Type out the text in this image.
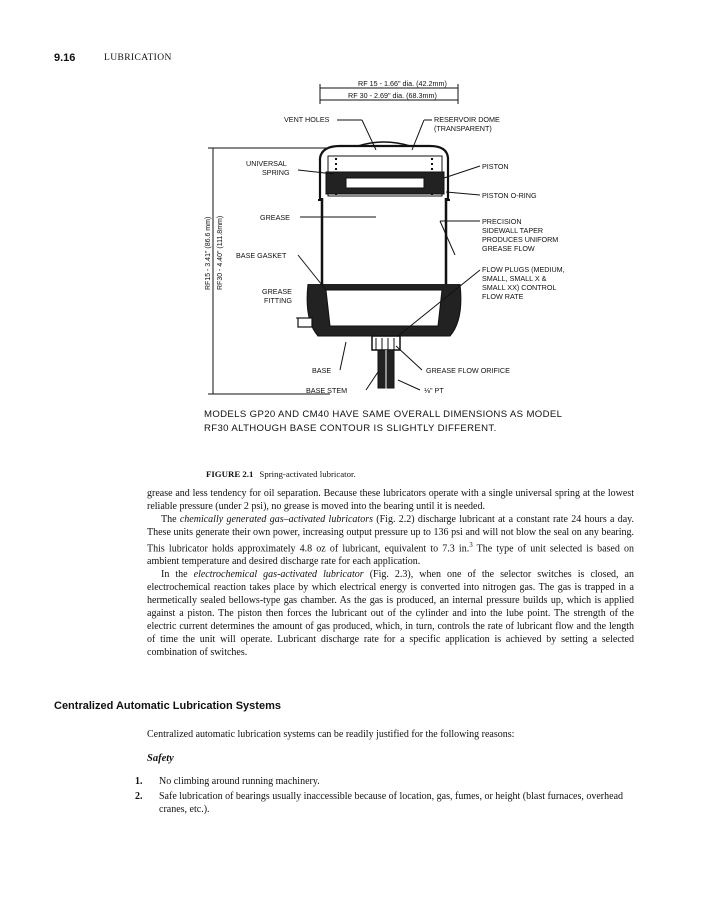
9.16	LUBRICATION
RF 15 - 1.66" dia. (42.2mm)
RF 30 - 2.69" dia. (68.3mm)
RF15 - 3.41" (86.6 mm) RF30 - 4.40" (111.8mm)
VENT HOLES	RESERVOIR DOME
(TRANSPARENT)
UNIVERSAL
SPRING
PISTON
PISTON O-RING
GREASE	PRECISION
SIDEWALL TAPER
PRODUCES UNIFORM
GREASE FLOW
BASE GASKET
FLOW PLUGS (MEDIUM,
SMALL, SMALL X &
SMALL XX) CONTROL
FLOW RATE
GREASE
FITTING
BASE	GREASE FLOW ORIFICE
BASE STEM	⅛" PT
MODELS GP20 AND CM40 HAVE SAME OVERALL DIMENSIONS AS MODEL
RF30 ALTHOUGH BASE CONTOUR IS SLIGHTLY DIFFERENT.
FIGURE 2.1 Spring-activated lubricator.

grease and less tendency for oil separation. Because these lubricators operate with a single universal spring at the lowest reliable pressure (under 2 psi), no grease is moved into the bearing until it is needed.

The chemically generated gas–activated lubricators (Fig. 2.2) discharge lubricant at a constant rate 24 hours a day. These units generate their own power, increasing output pressure up to 136 psi and will not blow the seal on any bearing. This lubricator holds approximately 4.8 oz of lubricant, equivalent to 7.3 in.$^3$ The type of unit selected is based on ambient temperature and desired discharge rate for each application.

In the electrochemical gas-activated lubricator (Fig. 2.3), when one of the selector switches is closed, an electrochemical reaction takes place by which electrical energy is converted into nitrogen gas. The gas is trapped in a hermetically sealed bellows-type gas chamber. As the gas is produced, an internal pressure builds up, which is applied against a piston. The piston then forces the lubricant out of the cylinder and into the lube point. The strength of the electric current determines the amount of gas produced, which, in turn, controls the rate of lubricant flow and the length of time the unit will operate. Lubricant discharge rate for a specific application is achieved by setting a selected combination of switches.

Centralized Automatic Lubrication Systems
Centralized automatic lubrication systems can be readily justified for the following reasons:
Safety
1. No climbing around running machinery.
2. Safe lubrication of bearings usually inaccessible because of location, gas, fumes, or height (blast furnaces, overhead cranes, etc.).
